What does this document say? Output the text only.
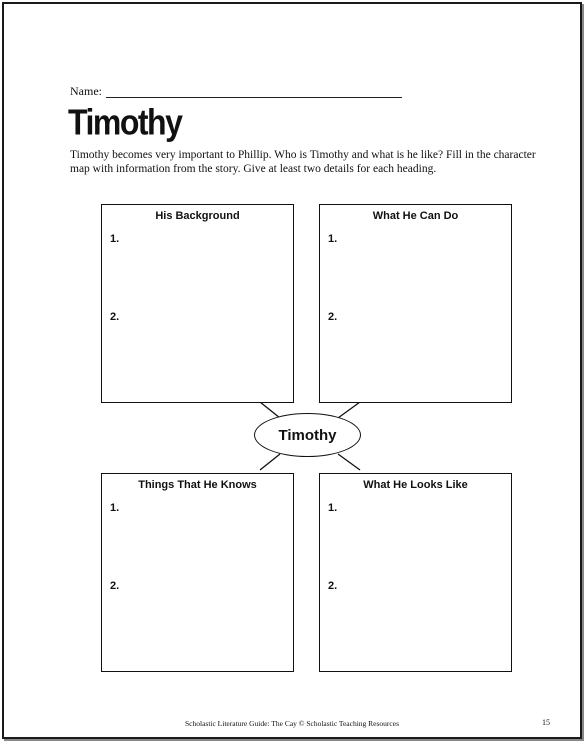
Name:
Timothy
Timothy becomes very important to Phillip. Who is Timothy and what is he like? Fill in the character map with information from the story. Give at least two details for each heading.
His Background
1.
2.
What He Can Do
1.
2.
Timothy
Things That He Knows
1.
2.
What He Looks Like
1.
2.
Scholastic Literature Guide: The Cay © Scholastic Teaching Resources	15
